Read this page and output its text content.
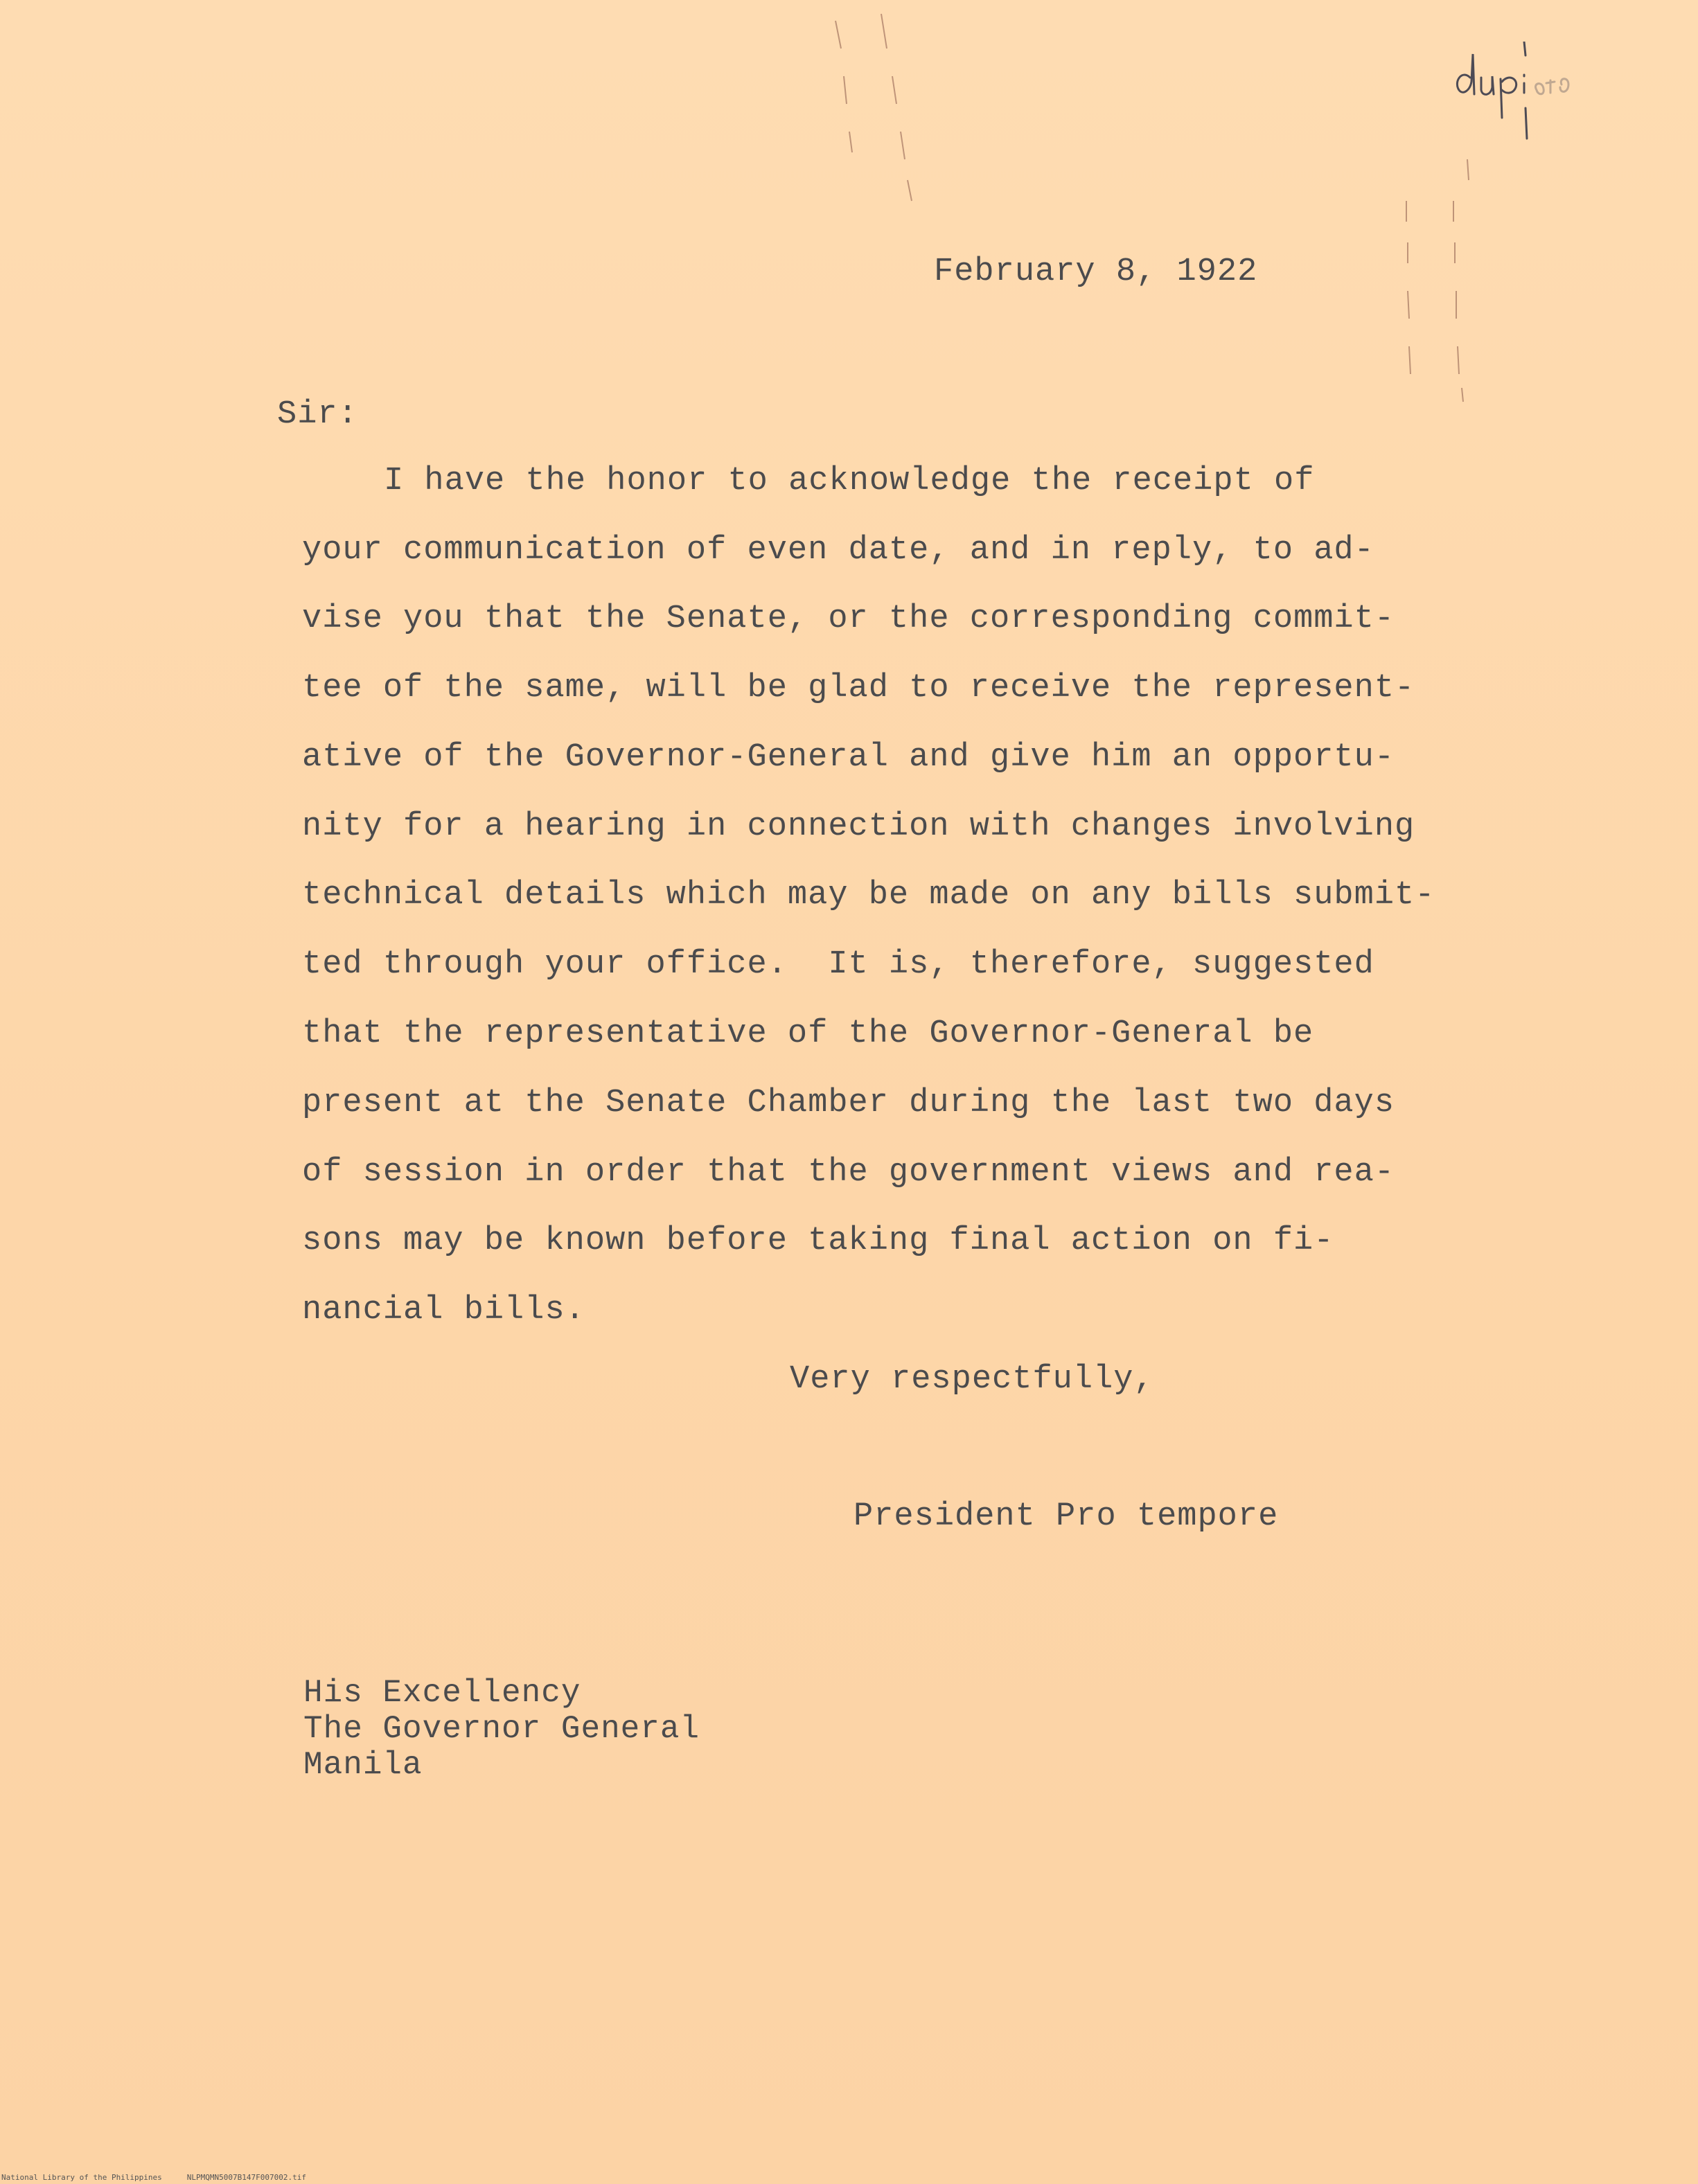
February 8, 1922
Sir:
I have the honor to acknowledge the receipt of
your communication of even date, and in reply, to ad-
vise you that the Senate, or the corresponding commit-
tee of the same, will be glad to receive the represent-
ative of the Governor-General and give him an opportu-
nity for a hearing in connection with changes involving
technical details which may be made on any bills submit-
ted through your office.  It is, therefore, suggested
that the representative of the Governor-General be
present at the Senate Chamber during the last two days
of session in order that the government views and rea-
sons may be known before taking final action on fi-
nancial bills.
Very respectfully,
President Pro tempore
His Excellency
The Governor General
Manila
National Library of the Philippines	NLPMQMN5007B147F007002.tif
